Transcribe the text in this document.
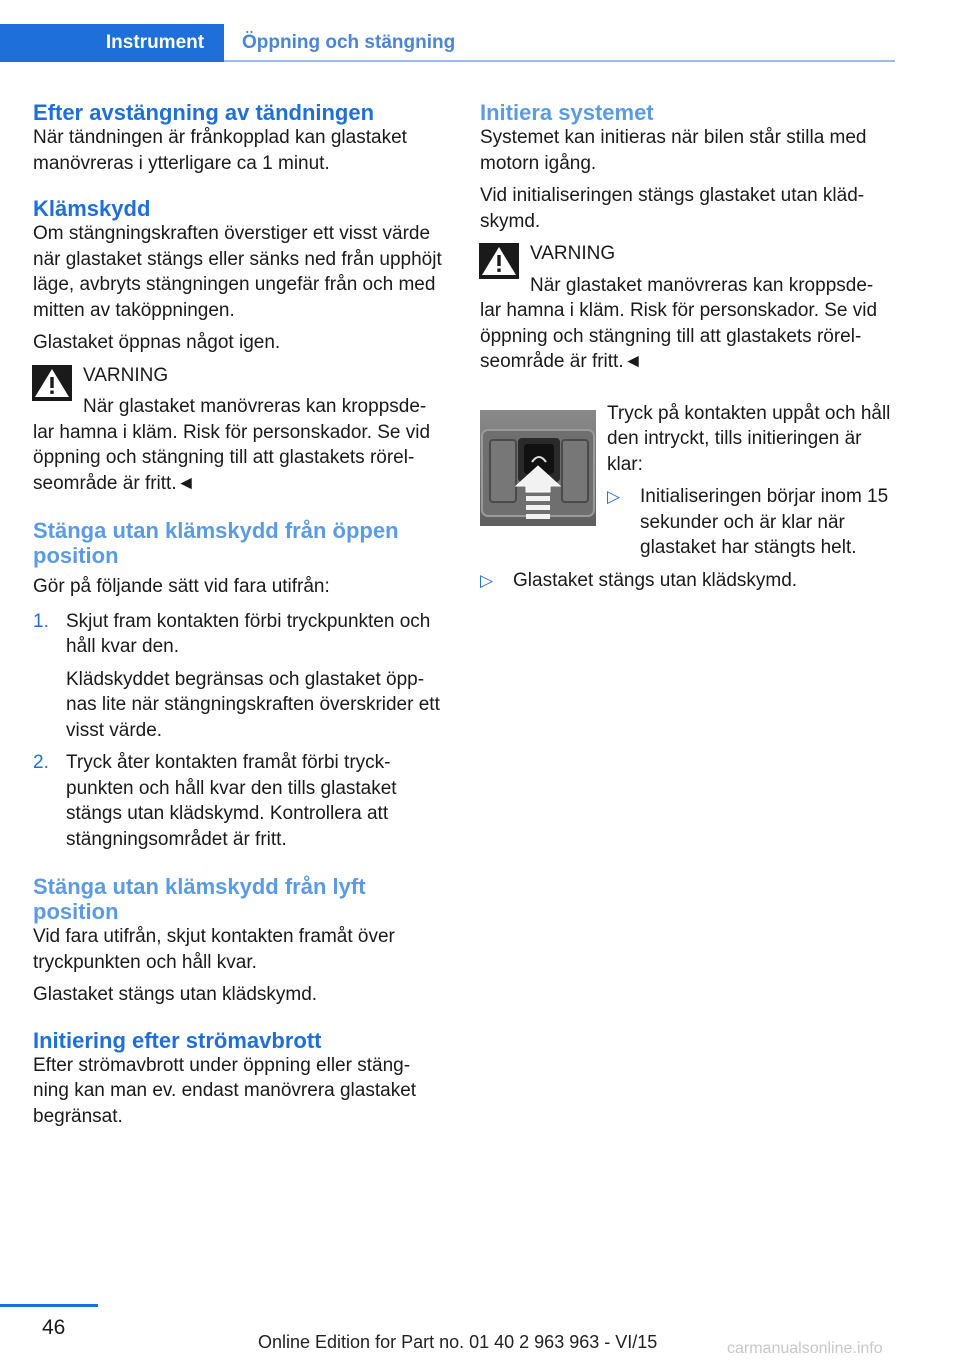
Instrument	Öppning och stängning
Efter avstängning av tändningen

När tändningen är frånkopplad kan glastaket manövreras i ytterligare ca 1 minut.

Klämskydd

Om stängningskraften överstiger ett visst värde när glastaket stängs eller sänks ned från upphöjt läge, avbryts stängningen ungefär från och med mitten av taköppningen.

Glastaket öppnas något igen.

VARNING
När glastaket manövreras kan kroppsde‐
lar hamna i kläm. Risk för personskador. Se vid öppning och stängning till att glastakets rörel‐ seområde är fritt.◄
Stänga utan klämskydd från öppen position

Gör på följande sätt vid fara utifrån:

1. Skjut fram kontakten förbi tryckpunkten och håll kvar den.
Klädskyddet begränsas och glastaket öpp‐ nas lite när stängningskraften överskrider ett visst värde.
2. Tryck åter kontakten framåt förbi tryck‐ punkten och håll kvar den tills glastaket stängs utan klädskymd. Kontrollera att stängningsområdet är fritt.
Stänga utan klämskydd från lyft position

Vid fara utifrån, skjut kontakten framåt över tryckpunkten och håll kvar.

Glastaket stängs utan klädskymd.

Initiering efter strömavbrott

Efter strömavbrott under öppning eller stäng‐ ning kan man ev. endast manövrera glastaket begränsat.

Initiera systemet

Systemet kan initieras när bilen står stilla med motorn igång.

Vid initialiseringen stängs glastaket utan kläd‐ skymd.

VARNING
När glastaket manövreras kan kroppsde‐
lar hamna i kläm. Risk för personskador. Se vid öppning och stängning till att glastakets rörel‐ seområde är fritt.◄

Tryck på kontakten uppåt och håll den intryckt, tills initieringen är klar:

▷ Initialiseringen börjar inom 15 sekunder och är klar när glastaket har stängts helt.
▷ Glastaket stängs utan klädskymd.
46
Online Edition for Part no. 01 40 2 963 963 - VI/15	carmanualsonline.info
